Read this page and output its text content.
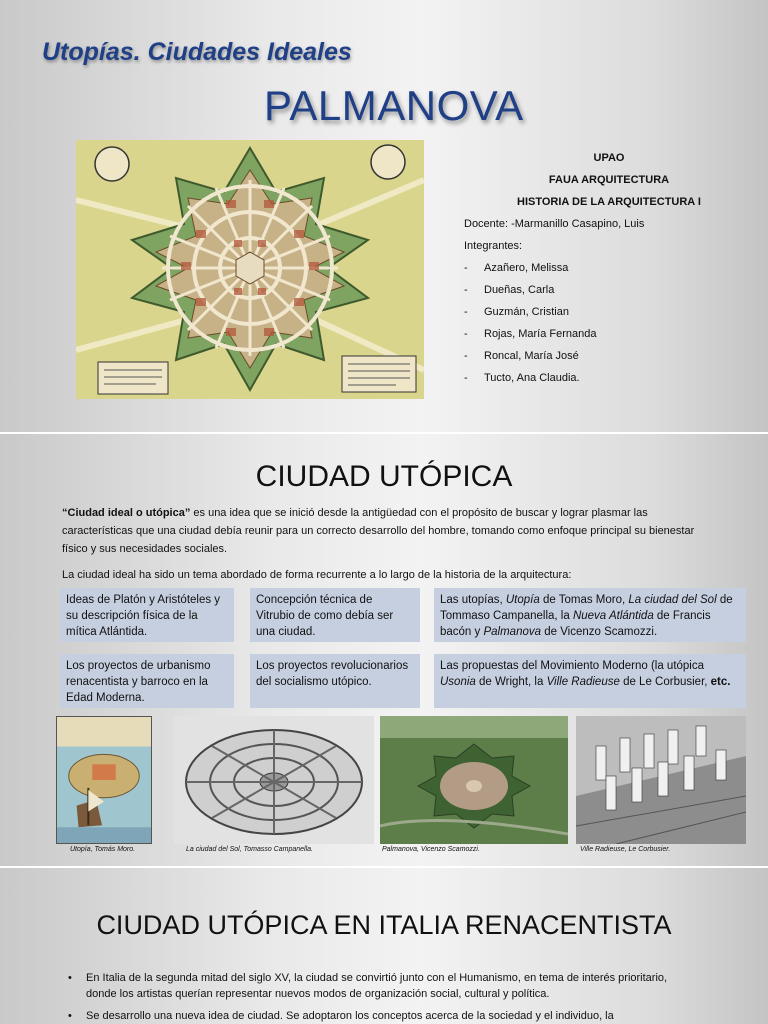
Utopías. Ciudades Ideales
PALMANOVA
UPAO
FAUA ARQUITECTURA
HISTORIA DE LA ARQUITECTURA I
Docente: -Marmanillo Casapino, Luis
Integrantes:
-	Azañero, Melissa
-	Dueñas, Carla
-	Guzmán, Cristian
-	Rojas, María Fernanda
-	Roncal, María José
-	Tucto, Ana Claudia.
CIUDAD UTÓPICA
“Ciudad ideal o utópica” es una idea que se inició desde la antigüedad con el propósito de buscar y lograr plasmar las características que una ciudad debía reunir para un correcto desarrollo del hombre, tomando como enfoque principal su bienestar físico y sus necesidades sociales.
La ciudad ideal ha sido un tema abordado de forma recurrente a lo largo de la historia de la arquitectura:
Ideas de Platón y Aristóteles y su descripción física de la mítica Atlántida.
Concepción técnica de Vitrubio de como debía ser una ciudad.
Las utopías, Utopía de Tomas Moro, La ciudad del Sol de Tommaso Campanella, la Nueva Atlántida de Francis bacón y Palmanova de Vicenzo Scamozzi.
Los proyectos de urbanismo renacentista y barroco en la Edad Moderna.
Los proyectos revolucionarios del socialismo utópico.
Las propuestas del Movimiento Moderno (la utópica Usonia de Wright, la Ville Radieuse de Le Corbusier, etc.
Utopía, Tomás Moro.	La ciudad del Sol, Tomasso Campanella.	Palmanova, Vicenzo Scamozzi.	Ville Radieuse, Le Corbusier.
CIUDAD UTÓPICA EN ITALIA RENACENTISTA
•	En Italia de la segunda mitad del siglo XV, la ciudad se convirtió junto con el Humanismo, en tema de interés prioritario, donde los artistas querían representar nuevos modos de organización social, cultural y política.
•	Se desarrollo una nueva idea de ciudad. Se adoptaron los conceptos acerca de la sociedad y el individuo, la
